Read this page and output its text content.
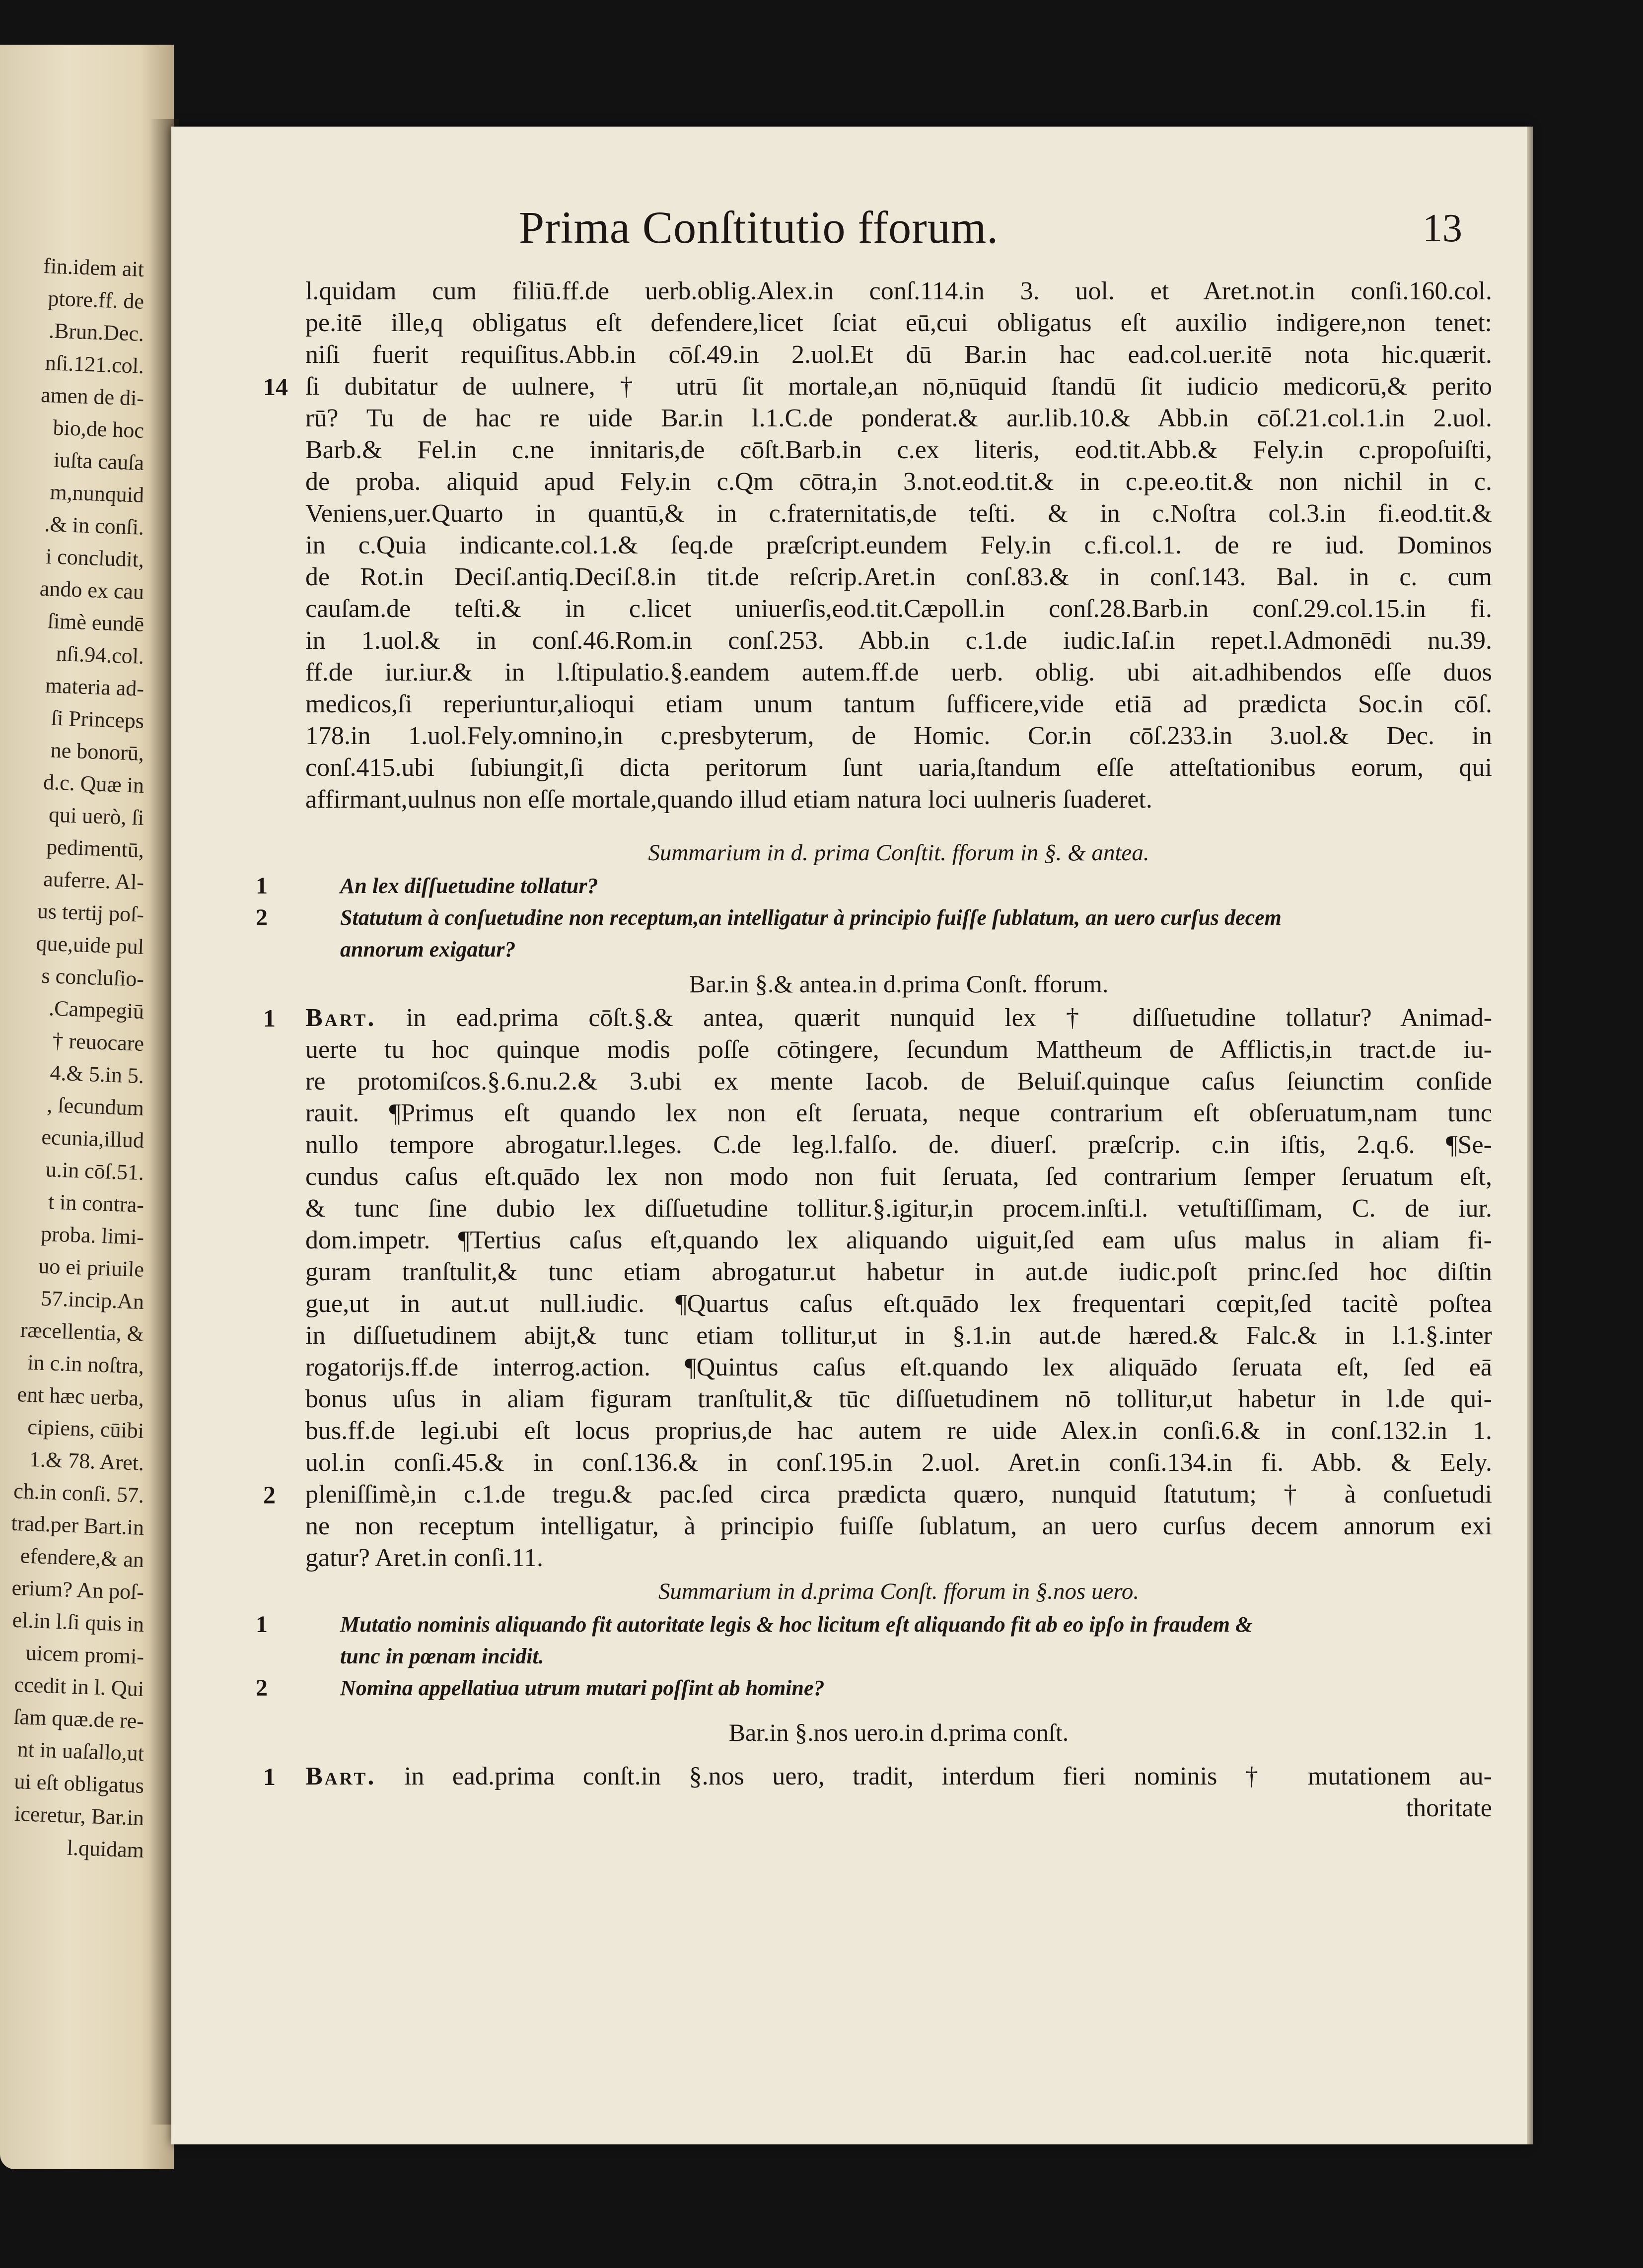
fin.idem ait
ptore.ff. de
.Brun.Dec.
nſi.121.col.
amen de di-
bio,de hoc
iuſta cauſa
m,nunquid
.& in conſi.
i concludit,
ando ex cau
ſimè eundē
nſi.94.col.
materia ad-
ſi Princeps
ne bonorū,
d.c. Quæ in
qui uerò, ſi
pedimentū,
auferre. Al-
us tertij poſ-
que,uide pul
s concluſio-
.Campegiū
† reuocare
4.& 5.in 5.
, ſecundum
ecunia,illud
u.in cōſ.51.
t in contra-
proba. limi-
uo ei priuile
57.incip.An
ræcellentia, &
in c.in noſtra,
ent hæc uerba,
cipiens, cūibi
1.& 78. Aret.
ch.in conſi. 57.
trad.per Bart.in
efendere,& an
erium? An poſ-
el.in l.ſi quis in
uicem promi-
ccedit in l. Qui
ſam quæ.de re-
nt in uaſallo,ut
ui eſt obligatus
iceretur, Bar.in
l.quidam
Prima Conſtitutio fforum.	13
l.quidam cum filiū.ff.de uerb.oblig.Alex.in conſ.114.in 3. uol. et Aret.not.in conſi.160.col.
pe.itē ille,q obligatus eſt defendere,licet ſciat eū,cui obligatus eſt auxilio indigere,non tenet:
niſi fuerit requiſitus.Abb.in cōſ.49.in 2.uol.Et dū Bar.in hac ead.col.uer.itē nota hic.quærit.
14 ſi dubitatur de uulnere, † utrū ſit mortale,an nō,nūquid ſtandū ſit iudicio medicorū,& perito
rū? Tu de hac re uide Bar.in l.1.C.de ponderat.& aur.lib.10.& Abb.in cōſ.21.col.1.in 2.uol.
Barb.& Fel.in c.ne innitaris,de cōſt.Barb.in c.ex literis, eod.tit.Abb.& Fely.in c.propoſuiſti,
de proba. aliquid apud Fely.in c.Qm cōtra,in 3.not.eod.tit.& in c.pe.eo.tit.& non nichil in c.
Veniens,uer.Quarto in quantū,& in c.fraternitatis,de teſti. & in c.Noſtra col.3.in fi.eod.tit.&
in c.Quia indicante.col.1.& ſeq.de præſcript.eundem Fely.in c.fi.col.1. de re iud. Dominos
de Rot.in Deciſ.antiq.Deciſ.8.in tit.de reſcrip.Aret.in conſ.83.& in conſ.143. Bal. in c. cum
cauſam.de teſti.& in c.licet uniuerſis,eod.tit.Cæpoll.in conſ.28.Barb.in conſ.29.col.15.in fi.
in 1.uol.& in conſ.46.Rom.in conſ.253. Abb.in c.1.de iudic.Iaſ.in repet.l.Admonēdi nu.39.
ff.de iur.iur.& in l.ſtipulatio.§.eandem autem.ff.de uerb. oblig. ubi ait.adhibendos eſſe duos
medicos,ſi reperiuntur,alioqui etiam unum tantum ſufficere,vide etiā ad prædicta Soc.in cōſ.
178.in 1.uol.Fely.omnino,in c.presbyterum, de Homic. Cor.in cōſ.233.in 3.uol.& Dec. in
conſ.415.ubi ſubiungit,ſi dicta peritorum ſunt uaria,ſtandum eſſe atteſtationibus eorum, qui
affirmant,uulnus non eſſe mortale,quando illud etiam natura loci uulneris ſuaderet.
Summarium in d. prima Conſtit. fforum in §. & antea.
1	An lex diſſuetudine tollatur?
2	Statutum à conſuetudine non receptum,an intelligatur à principio fuiſſe ſublatum, an uero curſus decem
annorum exigatur?
Bar.in §.& antea.in d.prima Conſt. fforum.
1 Bart. in ead.prima cōſt.§.& antea, quærit nunquid lex † diſſuetudine tollatur? Animad-
uerte tu hoc quinque modis poſſe cōtingere, ſecundum Mattheum de Afflictis,in tract.de iu-
re protomiſcos.§.6.nu.2.& 3.ubi ex mente Iacob. de Beluiſ.quinque caſus ſeiunctim conſide
rauit. ¶Primus eſt quando lex non eſt ſeruata, neque contrarium eſt obſeruatum,nam tunc
nullo tempore abrogatur.l.leges. C.de leg.l.falſo. de. diuerſ. præſcrip. c.in iſtis, 2.q.6. ¶Se-
cundus caſus eſt.quādo lex non modo non fuit ſeruata, ſed contrarium ſemper ſeruatum eſt,
& tunc ſine dubio lex diſſuetudine tollitur.§.igitur,in procem.inſti.l. vetuſtiſſimam, C. de iur.
dom.impetr. ¶Tertius caſus eſt,quando lex aliquando uiguit,ſed eam uſus malus in aliam fi-
guram tranſtulit,& tunc etiam abrogatur.ut habetur in aut.de iudic.poſt princ.ſed hoc diſtin
gue,ut in aut.ut null.iudic. ¶Quartus caſus eſt.quādo lex frequentari cœpit,ſed tacitè poſtea
in diſſuetudinem abijt,& tunc etiam tollitur,ut in §.1.in aut.de hæred.& Falc.& in l.1.§.inter
rogatorijs.ff.de interrog.action. ¶Quintus caſus eſt.quando lex aliquādo ſeruata eſt, ſed eā
bonus uſus in aliam figuram tranſtulit,& tūc diſſuetudinem nō tollitur,ut habetur in l.de qui-
bus.ff.de legi.ubi eſt locus proprius,de hac autem re uide Alex.in conſi.6.& in conſ.132.in 1.
uol.in conſi.45.& in conſ.136.& in conſ.195.in 2.uol. Aret.in conſi.134.in fi. Abb. & Eely.
2 pleniſſimè,in c.1.de tregu.& pac.ſed circa prædicta quæro, nunquid ſtatutum; † à conſuetudi
ne non receptum intelligatur, à principio fuiſſe ſublatum, an uero curſus decem annorum exi
gatur? Aret.in conſi.11.
Summarium in d.prima Conſt. fforum in §.nos uero.
1	Mutatio nominis aliquando fit autoritate legis & hoc licitum eſt aliquando fit ab eo ipſo in fraudem &
tunc in pœnam incidit.
2	Nomina appellatiua utrum mutari poſſint ab homine?
Bar.in §.nos uero.in d.prima conſt.
1 Bart. in ead.prima conſt.in §.nos uero, tradit, interdum fieri nominis † mutationem au-
thoritate
